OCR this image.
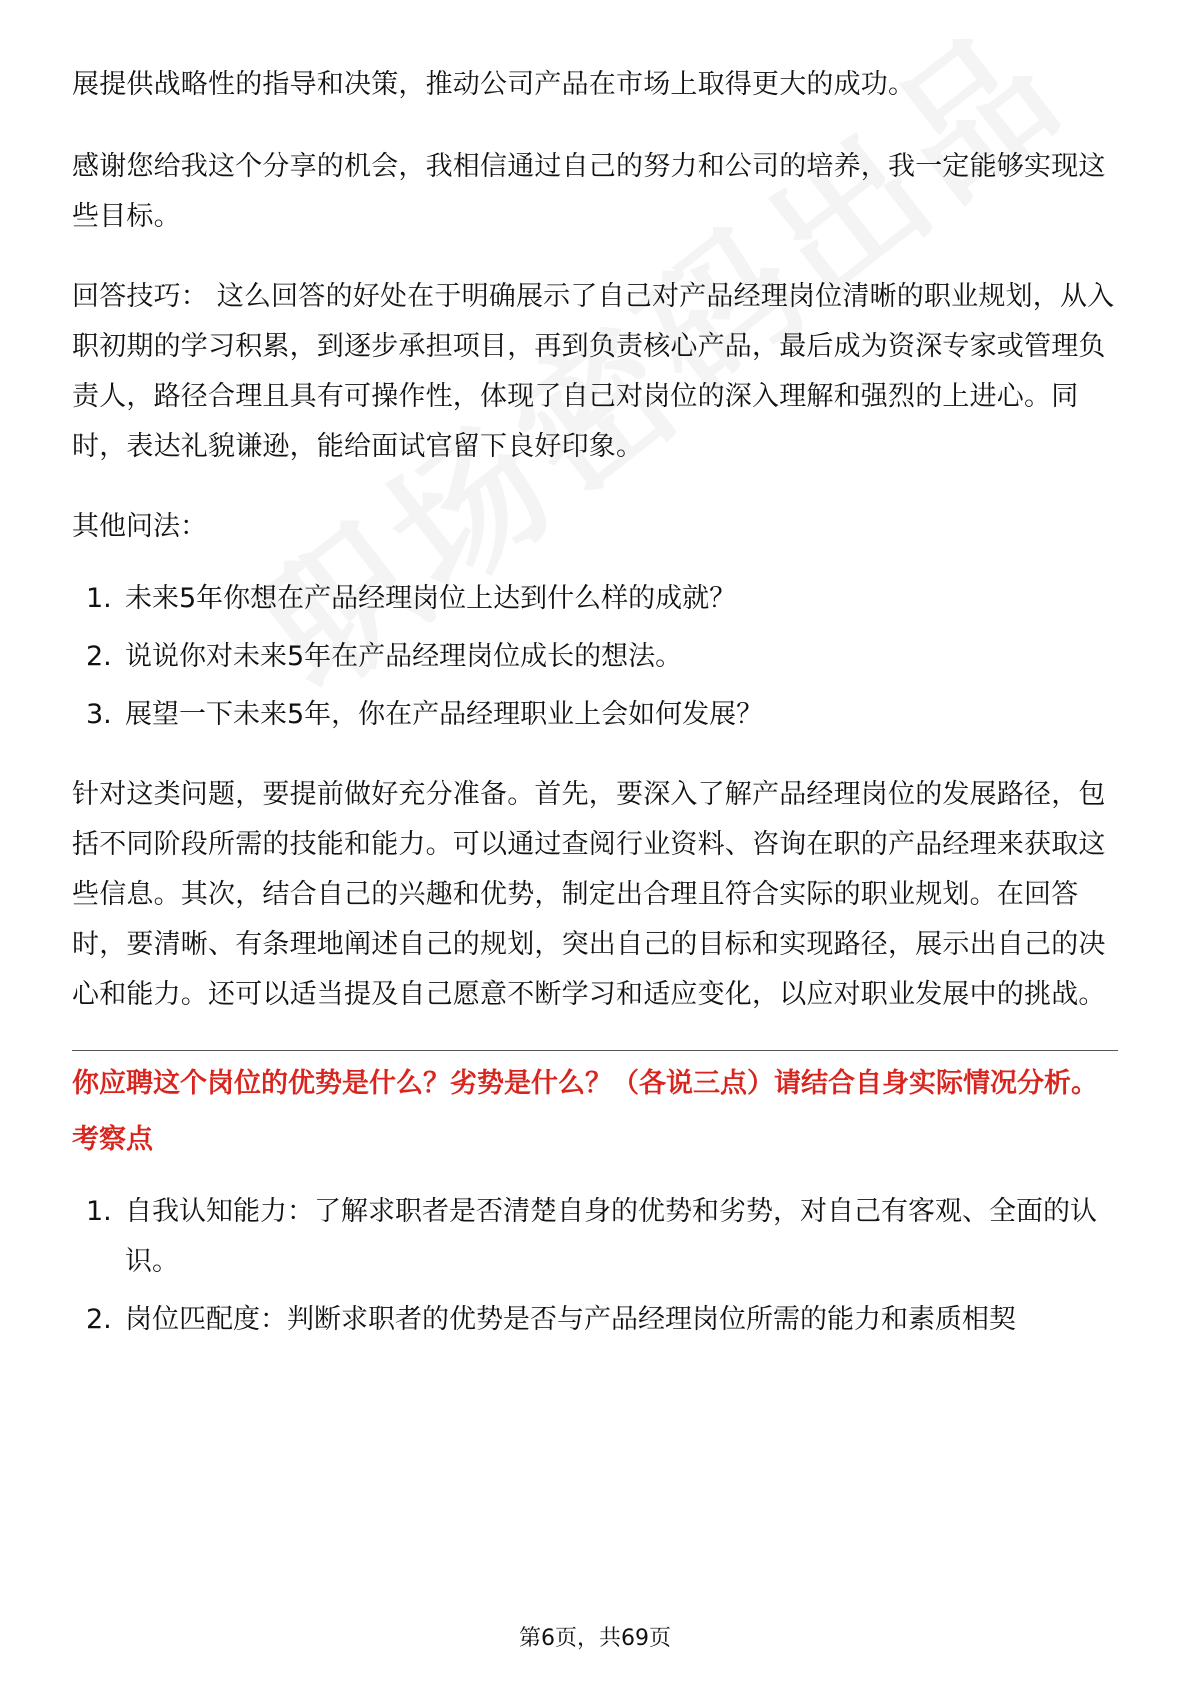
展提供战略性的指导和决策，推动公司产品在市场上取得更大的成功。

感谢您给我这个分享的机会，我相信通过自己的努力和公司的培养，我一定能够实现这些目标。

回答技巧： 这么回答的好处在于明确展示了自己对产品经理岗位清晰的职业规划，从入职初期的学习积累，到逐步承担项目，再到负责核心产品，最后成为资深专家或管理负责人，路径合理且具有可操作性，体现了自己对岗位的深入理解和强烈的上进心。同时，表达礼貌谦逊，能给面试官留下良好印象。

其他问法：

1. 未来5年你想在产品经理岗位上达到什么样的成就？
2. 说说你对未来5年在产品经理岗位成长的想法。
3. 展望一下未来5年，你在产品经理职业上会如何发展？

针对这类问题，要提前做好充分准备。首先，要深入了解产品经理岗位的发展路径，包括不同阶段所需的技能和能力。可以通过查阅行业资料、咨询在职的产品经理来获取这些信息。其次，结合自己的兴趣和优势，制定出合理且符合实际的职业规划。在回答时，要清晰、有条理地阐述自己的规划，突出自己的目标和实现路径，展示出自己的决心和能力。还可以适当提及自己愿意不断学习和适应变化，以应对职业发展中的挑战。

你应聘这个岗位的优势是什么？劣势是什么？（各说三点）请结合自身实际情况分析。

考察点

1. 自我认知能力：了解求职者是否清楚自身的优势和劣势，对自己有客观、全面的认识。
2. 岗位匹配度：判断求职者的优势是否与产品经理岗位所需的能力和素质相契
第6页，共69页
